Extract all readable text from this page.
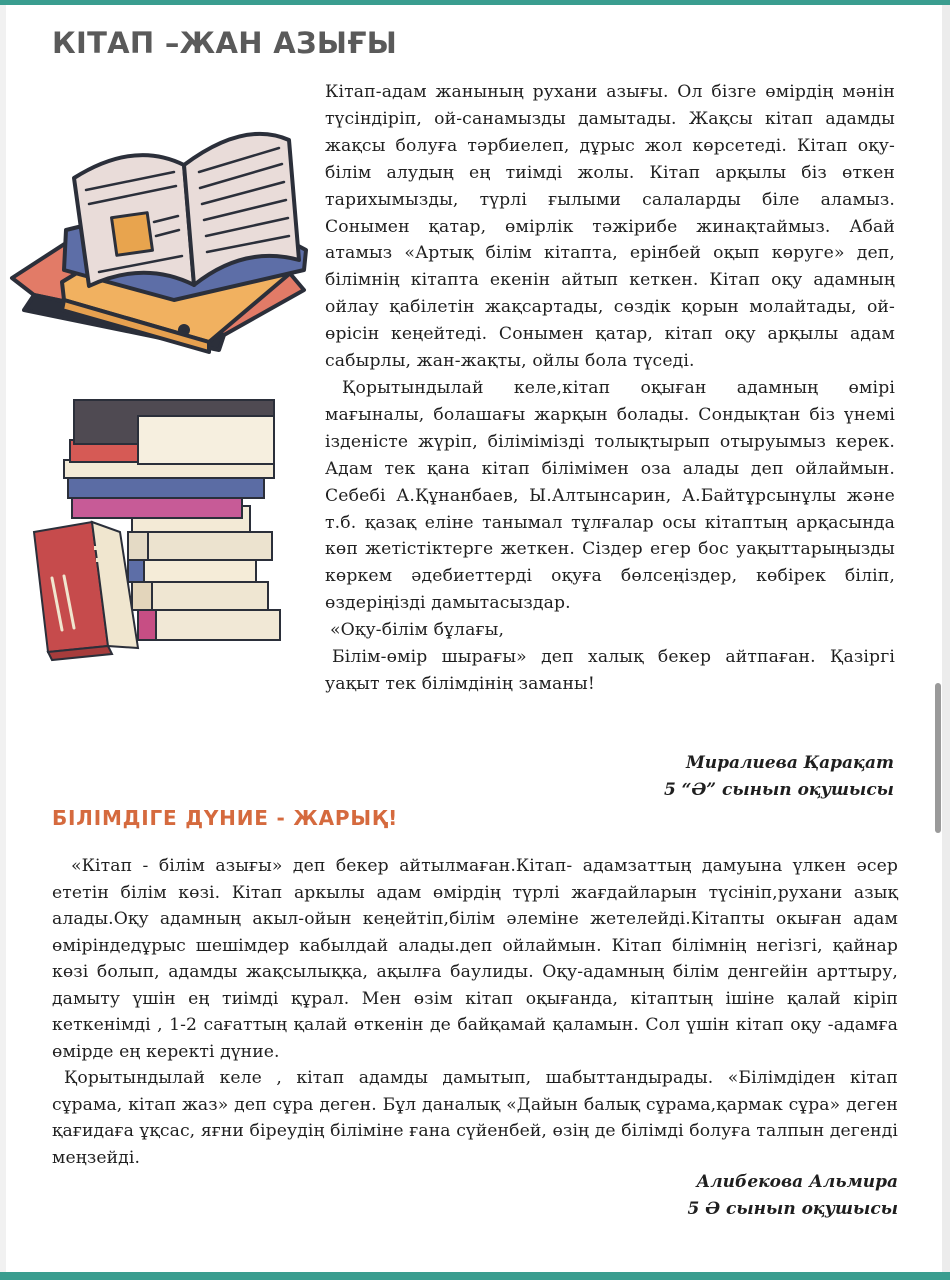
КІТАП –ЖАН АЗЫҒЫ

Кітап-адам жанының рухани азығы. Ол бізге өмірдің мәнін түсіндіріп, ой-санамызды дамытады. Жақсы кітап адамды жақсы болуға тәрбиелеп, дұрыс жол көрсетеді. Кітап оқу-білім алудың ең тиімді жолы. Кітап арқылы біз өткен тарихымызды, түрлі ғылыми салаларды біле аламыз. Сонымен қатар, өмірлік тәжірибе жинақтаймыз. Абай атамыз «Артық білім кітапта, ерінбей оқып көруге» деп, білімнің кітапта екенін айтып кеткен. Кітап оқу адамның ойлау қабілетін жақсартады, сөздік қорын молайтады, ой-өрісін кеңейтеді. Сонымен қатар, кітап оқу арқылы адам сабырлы, жан-жақты, ойлы бола түседі.

Қорытындылай келе,кітап оқыған адамның өмірі мағыналы, болашағы жарқын болады. Сондықтан біз үнемі ізденісте жүріп, білімімізді толықтырып отыруымыз керек. Адам тек қана кітап білімімен оза алады деп ойлаймын. Себебі А.Құнанбаев, Ы.Алтынсарин, А.Байтұрсынұлы және т.б. қазақ еліне танымал тұлғалар осы кітаптың арқасында көп жетістіктерге жеткен. Сіздер егер бос уақыттарыңызды көркем әдебиеттерді оқуға бөлсеңіздер, көбірек біліп, өздеріңізді дамытасыздар.

«Оқу-білім бұлағы,

Білім-өмір шырағы» деп халық бекер айтпаған. Қазіргі уақыт тек білімдінің заманы!

Миралиева Қарақат
5 “Ә” сынып оқушысы
БІЛІМДІГЕ ДҮНИЕ - ЖАРЫҚ!

«Кітап - білім азығы» деп бекер айтылмаған.Кітап- адамзаттың дамуына үлкен әсер ететін білім көзі. Кітап аркылы адам өмірдің түрлі жағдайларын түсініп,рухани азық алады.Оқу адамның акыл-ойын кеңейтіп,білім әлеміне жетелейді.Кітапты окыған адам өміріндедұрыс шешімдер кабылдай алады.деп ойлаймын. Кітап білімнің негізгі, қайнар көзі болып, адамды жақсылыққа, ақылға баулиды. Оқу-адамның білім денгейін арттыру, дамыту үшін ең тиімді құрал. Мен өзім кітап оқығанда, кітаптың ішіне қалай кіріп кеткенімді , 1-2 сағаттың қалай өткенін де байқамай қаламын. Сол үшін кітап оқу -адамға өмірде ең керекті дүние.

Қорытындылай келе , кітап адамды дамытып, шабыттандырады. «Білімдіден кітап сұрама, кітап жаз» деп сұра деген. Бұл даналық «Дайын балық сұрама,қармак сұра» деген қағидаға ұқсас, яғни біреудің біліміне ғана сүйенбей, өзің де білімді болуға талпын дегенді меңзейді.

Алибекова Альмира
5 Ә сынып оқушысы
